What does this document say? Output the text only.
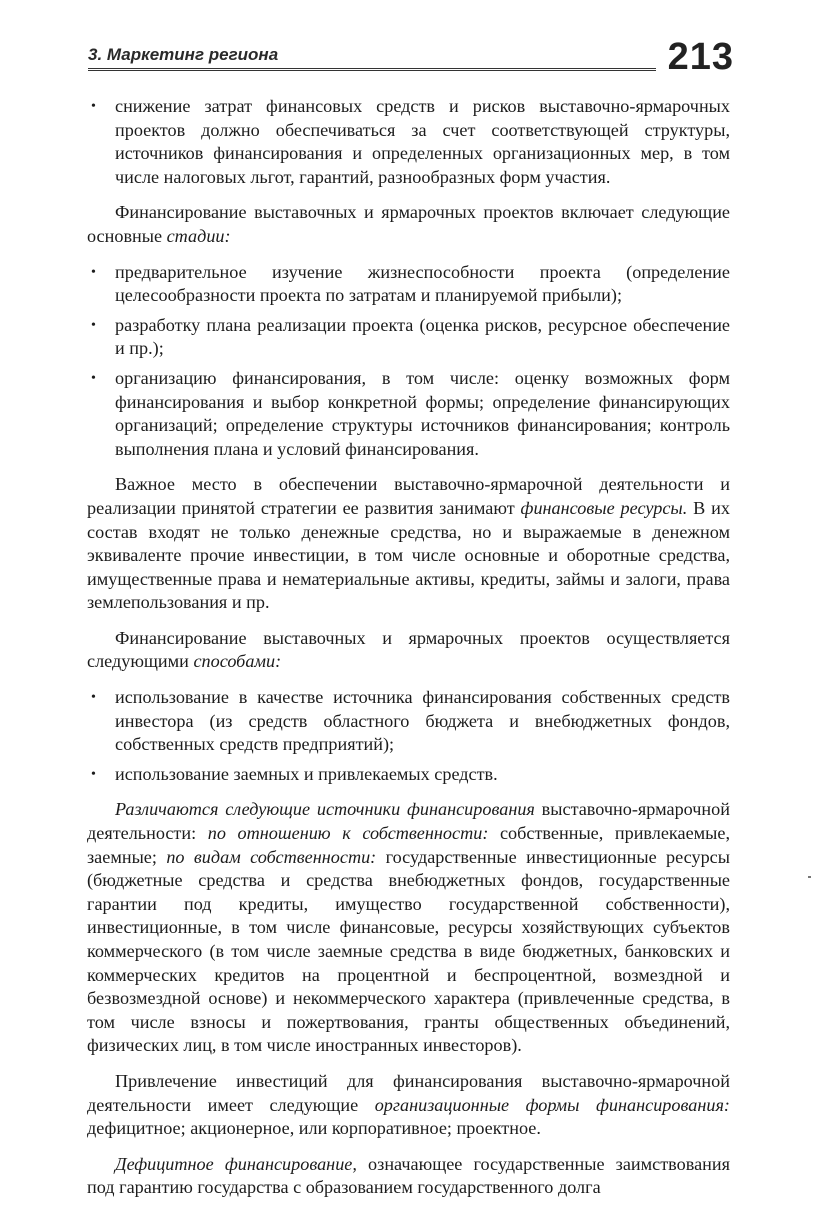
3. Маркетинг региона	213
• снижение затрат финансовых средств и рисков выставочно-ярмарочных проектов должно обеспечиваться за счет соответствующей структуры, источников финансирования и определенных организационных мер, в том числе налоговых льгот, гарантий, разнообразных форм участия.

Финансирование выставочных и ярмарочных проектов включает следующие основные стадии:

• предварительное изучение жизнеспособности проекта (определение целесообразности проекта по затратам и планируемой прибыли);
• разработку плана реализации проекта (оценка рисков, ресурсное обеспечение и пр.);
• организацию финансирования, в том числе: оценку возможных форм финансирования и выбор конкретной формы; определение финансирующих организаций; определение структуры источников финансирования; контроль выполнения плана и условий финансирования.

Важное место в обеспечении выставочно-ярмарочной деятельности и реализации принятой стратегии ее развития занимают финансовые ресурсы. В их состав входят не только денежные средства, но и выражаемые в денежном эквиваленте прочие инвестиции, в том числе основные и оборотные средства, имущественные права и нематериальные активы, кредиты, займы и залоги, права землепользования и пр.

Финансирование выставочных и ярмарочных проектов осуществляется следующими способами:

• использование в качестве источника финансирования собственных средств инвестора (из средств областного бюджета и внебюджетных фондов, собственных средств предприятий);
• использование заемных и привлекаемых средств.

Различаются следующие источники финансирования выставочно-ярмарочной деятельности: по отношению к собственности: собственные, привлекаемые, заемные; по видам собственности: государственные инвестиционные ресурсы (бюджетные средства и средства внебюджетных фондов, государственные гарантии под кредиты, имущество государственной собственности), инвестиционные, в том числе финансовые, ресурсы хозяйствующих субъектов коммерческого (в том числе заемные средства в виде бюджетных, банковских и коммерческих кредитов на процентной и беспроцентной, возмездной и безвозмездной основе) и некоммерческого характера (привлеченные средства, в том числе взносы и пожертвования, гранты общественных объединений, физических лиц, в том числе иностранных инвесторов).

Привлечение инвестиций для финансирования выставочно-ярмарочной деятельности имеет следующие организационные формы финансирования: дефицитное; акционерное, или корпоративное; проектное.

Дефицитное финансирование, означающее государственные заимствования под гарантию государства с образованием государственного долга
